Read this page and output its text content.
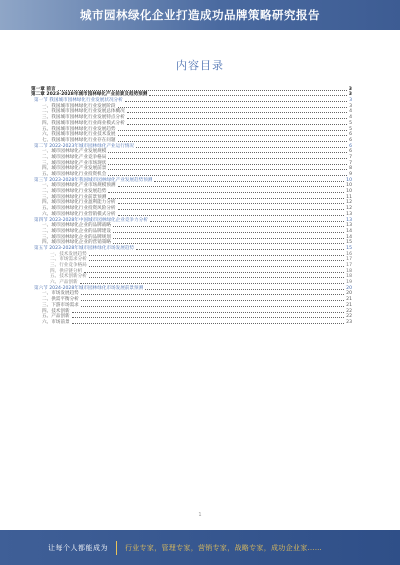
城市园林绿化企业打造成功品牌策略研究报告
内容目录
第一章 前言	3
第二章 2023-2028年城市园林绿化产业前景及趋势预测	3
第一节 我国城市园林绿化行业发展状况分析	3
一、我国城市园林绿化行业发展阶段	3
二、我国城市园林绿化行业发展总体概况	4
三、我国城市园林绿化行业发展特点分析	4
四、我国城市园林绿化行业商业模式分析	5
五、我国城市园林绿化行业发展趋势	5
六、我国城市园林绿化行业技术发展	6
七、我国城市园林绿化行业存在问题	6
第二节 2022-2023年城市园林绿化产业运行情况	6
一、城市园林绿化产业发展规模	6
二、城市园林绿化产业竞争格局	7
三、城市园林绿化产业市场现状	7
四、城市园林绿化产业发展前景	8
五、城市园林绿化行业投资机会	9
第三节 2023-2028年我国城市园林绿化产业发展趋势预测	10
一、城市园林绿化产业市场规模预测	10
二、城市园林绿化行业发展趋势	10
三、城市园林绿化行业前景预测	11
四、城市园林绿化行业盈利能力分析	12
五、城市园林绿化行业投资风险分析	12
六、城市园林绿化行业营销模式分析	13
第四节 2023-2028年中国城市园林绿化企业竞争力分析	13
一、城市园林绿化企业的品牌战略	13
二、城市园林绿化企业的品牌建设	14
三、城市园林绿化企业的品牌规划	14
四、城市园林绿化企业的营销策略	15
第五节 2023-2028年城市园林绿化市场发展趋势	15
一、技术发展趋势	16
二、市场需求分析	17
三、行业竞争格局	17
四、供应链分析	18
五、技术创新分析	18
六、产品创新	19
第六节 2024-2028年城市园林绿化市场发展前景预测	20
一、市场发展趋势	20
二、供需平衡分析	21
三、下游市场需求	21
四、技术创新	22
五、产品创新	22
六、市场前景	23
1
让每个人都能成为 行业专家，管理专家，营销专家，战略专家，成功企业家……
